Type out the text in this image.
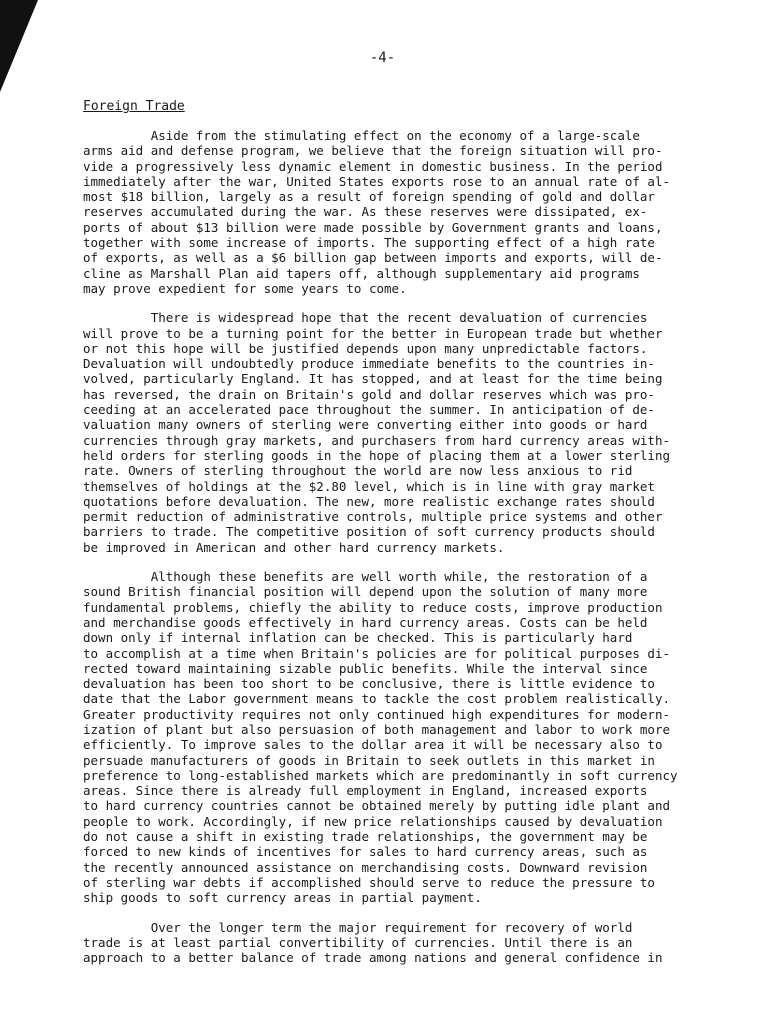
-4-
Foreign Trade

Aside from the stimulating effect on the economy of a large-scale
arms aid and defense program, we believe that the foreign situation will pro-
vide a progressively less dynamic element in domestic business. In the period
immediately after the war, United States exports rose to an annual rate of al-
most $18 billion, largely as a result of foreign spending of gold and dollar
reserves accumulated during the war. As these reserves were dissipated, ex-
ports of about $13 billion were made possible by Government grants and loans,
together with some increase of imports. The supporting effect of a high rate
of exports, as well as a $6 billion gap between imports and exports, will de-
cline as Marshall Plan aid tapers off, although supplementary aid programs
may prove expedient for some years to come.

There is widespread hope that the recent devaluation of currencies
will prove to be a turning point for the better in European trade but whether
or not this hope will be justified depends upon many unpredictable factors.
Devaluation will undoubtedly produce immediate benefits to the countries in-
volved, particularly England. It has stopped, and at least for the time being
has reversed, the drain on Britain's gold and dollar reserves which was pro-
ceeding at an accelerated pace throughout the summer. In anticipation of de-
valuation many owners of sterling were converting either into goods or hard
currencies through gray markets, and purchasers from hard currency areas with-
held orders for sterling goods in the hope of placing them at a lower sterling
rate. Owners of sterling throughout the world are now less anxious to rid
themselves of holdings at the $2.80 level, which is in line with gray market
quotations before devaluation. The new, more realistic exchange rates should
permit reduction of administrative controls, multiple price systems and other
barriers to trade. The competitive position of soft currency products should
be improved in American and other hard currency markets.

Although these benefits are well worth while, the restoration of a
sound British financial position will depend upon the solution of many more
fundamental problems, chiefly the ability to reduce costs, improve production
and merchandise goods effectively in hard currency areas. Costs can be held
down only if internal inflation can be checked. This is particularly hard
to accomplish at a time when Britain's policies are for political purposes di-
rected toward maintaining sizable public benefits. While the interval since
devaluation has been too short to be conclusive, there is little evidence to
date that the Labor government means to tackle the cost problem realistically.
Greater productivity requires not only continued high expenditures for modern-
ization of plant but also persuasion of both management and labor to work more
efficiently. To improve sales to the dollar area it will be necessary also to
persuade manufacturers of goods in Britain to seek outlets in this market in
preference to long-established markets which are predominantly in soft currency
areas. Since there is already full employment in England, increased exports
to hard currency countries cannot be obtained merely by putting idle plant and
people to work. Accordingly, if new price relationships caused by devaluation
do not cause a shift in existing trade relationships, the government may be
forced to new kinds of incentives for sales to hard currency areas, such as
the recently announced assistance on merchandising costs. Downward revision
of sterling war debts if accomplished should serve to reduce the pressure to
ship goods to soft currency areas in partial payment.

Over the longer term the major requirement for recovery of world
trade is at least partial convertibility of currencies. Until there is an
approach to a better balance of trade among nations and general confidence in
